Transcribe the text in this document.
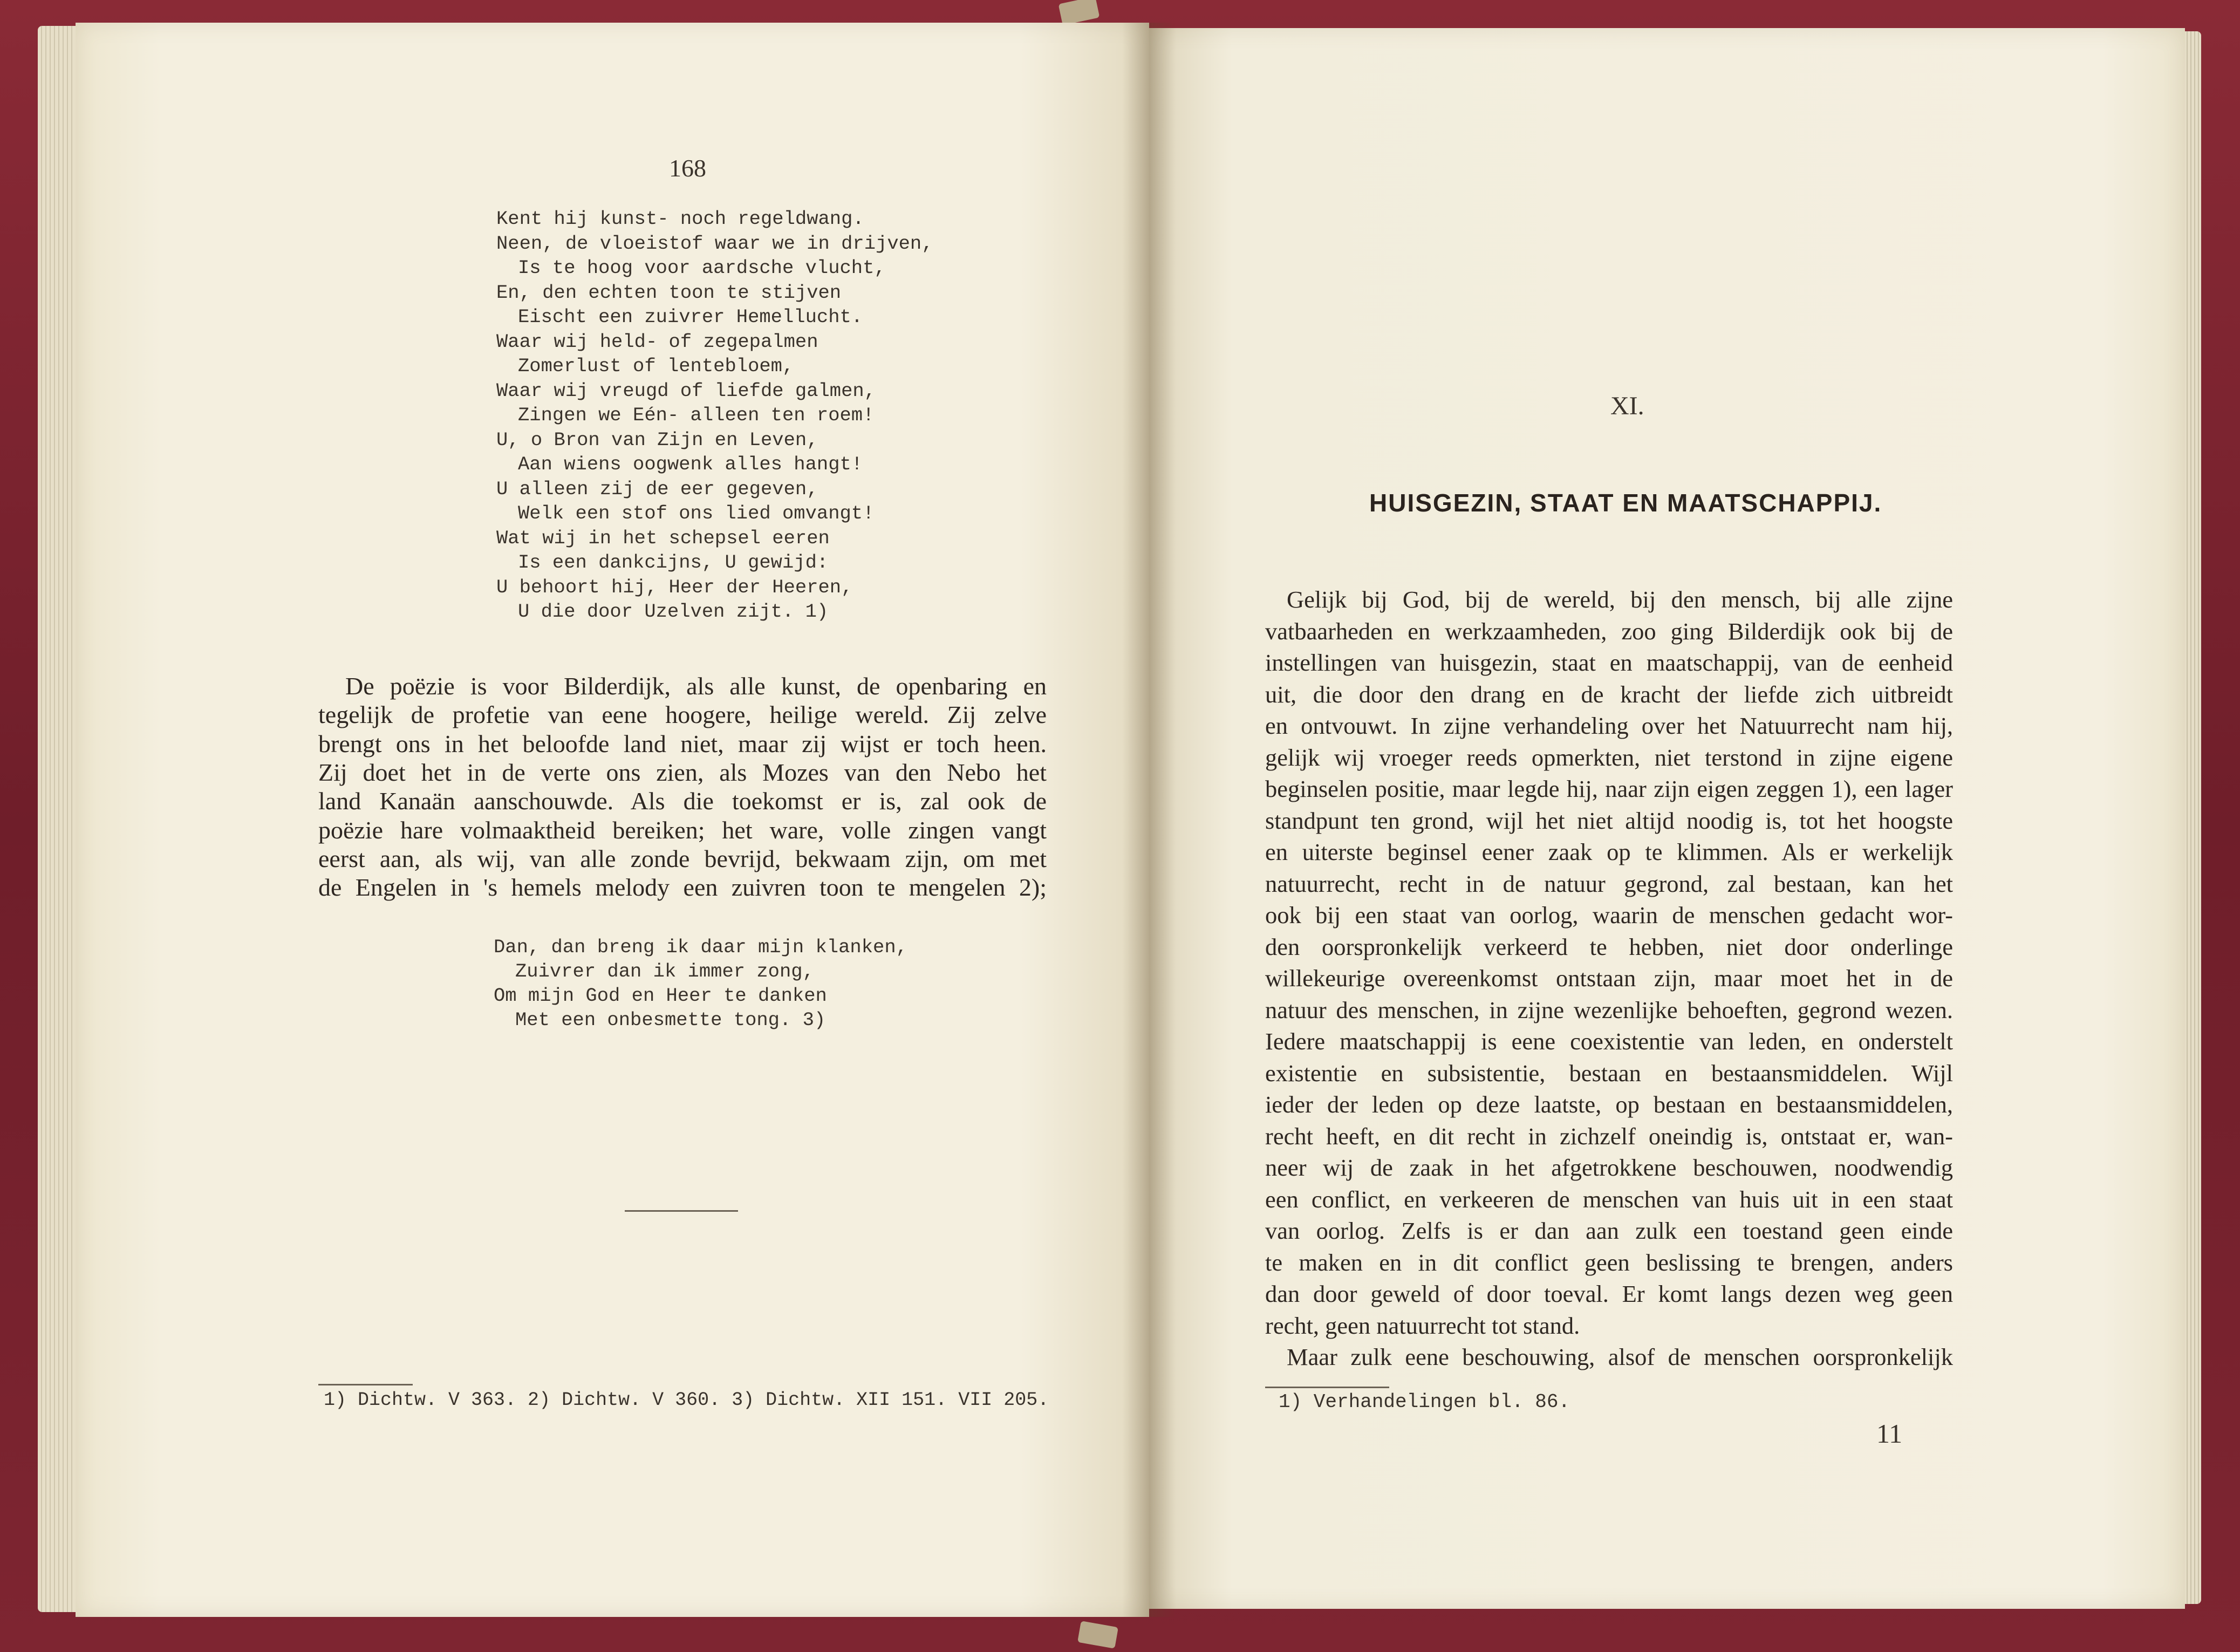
168
Kent hij kunst- noch regeldwang.
Neen, de vloeistof waar we in drijven,
Is te hoog voor aardsche vlucht,
En, den echten toon te stijven
Eischt een zuivrer Hemellucht.
Waar wij held- of zegepalmen
Zomerlust of lentebloem,
Waar wij vreugd of liefde galmen,
Zingen we Eén- alleen ten roem!
U, o Bron van Zijn en Leven,
Aan wiens oogwenk alles hangt!
U alleen zij de eer gegeven,
Welk een stof ons lied omvangt!
Wat wij in het schepsel eeren
Is een dankcijns, U gewijd:
U behoort hij, Heer der Heeren,
U die door Uzelven zijt. 1)
De poëzie is voor Bilderdijk, als alle kunst, de openbaring en
tegelijk de profetie van eene hoogere, heilige wereld. Zij zelve
brengt ons in het beloofde land niet, maar zij wijst er toch heen.
Zij doet het in de verte ons zien, als Mozes van den Nebo het
land Kanaän aanschouwde. Als die toekomst er is, zal ook de
poëzie hare volmaaktheid bereiken; het ware, volle zingen vangt
eerst aan, als wij, van alle zonde bevrijd, bekwaam zijn, om met
de Engelen in 's hemels melody een zuivren toon te mengelen 2);
Dan, dan breng ik daar mijn klanken,
Zuivrer dan ik immer zong,
Om mijn God en Heer te danken
Met een onbesmette tong. 3)
1) Dichtw. V 363. 2) Dichtw. V 360. 3) Dichtw. XII 151. VII 205.
XI.
HUISGEZIN, STAAT EN MAATSCHAPPIJ.
Gelijk bij God, bij de wereld, bij den mensch, bij alle zijne
vatbaarheden en werkzaamheden, zoo ging Bilderdijk ook bij de
instellingen van huisgezin, staat en maatschappij, van de eenheid
uit, die door den drang en de kracht der liefde zich uitbreidt
en ontvouwt. In zijne verhandeling over het Natuurrecht nam hij,
gelijk wij vroeger reeds opmerkten, niet terstond in zijne eigene
beginselen positie, maar legde hij, naar zijn eigen zeggen 1), een lager
standpunt ten grond, wijl het niet altijd noodig is, tot het hoogste
en uiterste beginsel eener zaak op te klimmen. Als er werkelijk
natuurrecht, recht in de natuur gegrond, zal bestaan, kan het
ook bij een staat van oorlog, waarin de menschen gedacht wor-
den oorspronkelijk verkeerd te hebben, niet door onderlinge
willekeurige overeenkomst ontstaan zijn, maar moet het in de
natuur des menschen, in zijne wezenlijke behoeften, gegrond wezen.
Iedere maatschappij is eene coexistentie van leden, en onderstelt
existentie en subsistentie, bestaan en bestaansmiddelen. Wijl
ieder der leden op deze laatste, op bestaan en bestaansmiddelen,
recht heeft, en dit recht in zichzelf oneindig is, ontstaat er, wan-
neer wij de zaak in het afgetrokkene beschouwen, noodwendig
een conflict, en verkeeren de menschen van huis uit in een staat
van oorlog. Zelfs is er dan aan zulk een toestand geen einde
te maken en in dit conflict geen beslissing te brengen, anders
dan door geweld of door toeval. Er komt langs dezen weg geen
recht, geen natuurrecht tot stand.
Maar zulk eene beschouwing, alsof de menschen oorspronkelijk
1) Verhandelingen bl. 86.
11
